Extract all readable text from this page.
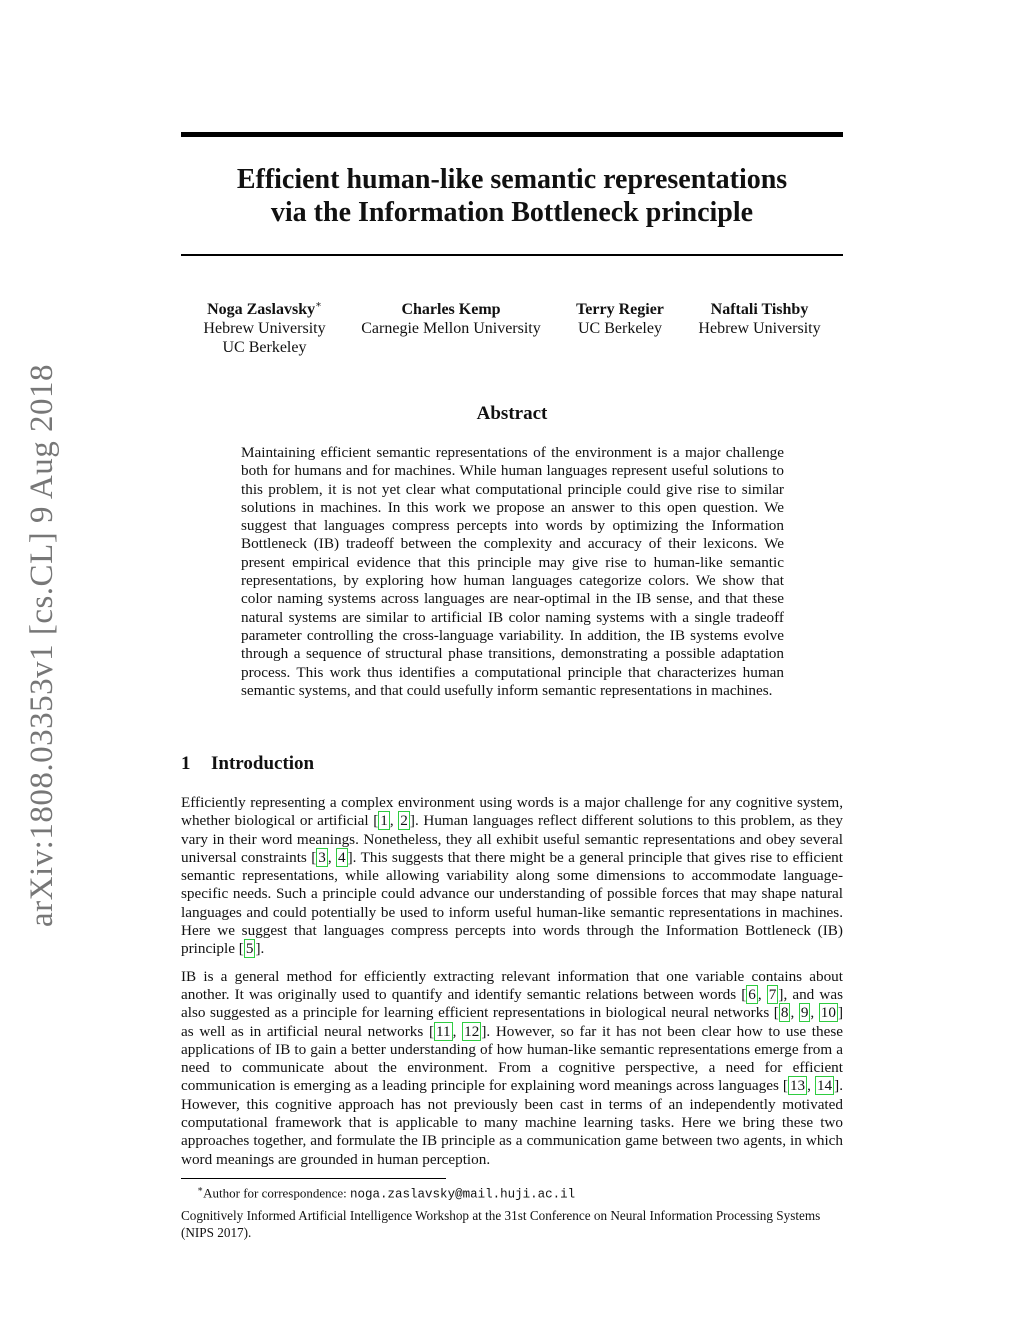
arXiv:1808.03353v1 [cs.CL] 9 Aug 2018
Efficient human-like semantic representations
via the Information Bottleneck principle
Noga Zaslavsky∗
Hebrew University
UC Berkeley
Charles Kemp
Carnegie Mellon University
Terry Regier
UC Berkeley
Naftali Tishby
Hebrew University
Abstract
Maintaining efficient semantic representations of the environment is a major challenge both for humans and for machines. While human languages represent useful solutions to this problem, it is not yet clear what computational principle could give rise to similar solutions in machines. In this work we propose an answer to this open question. We suggest that languages compress percepts into words by optimizing the Information Bottleneck (IB) tradeoff between the complexity and accuracy of their lexicons. We present empirical evidence that this principle may give rise to human-like semantic representations, by exploring how human languages categorize colors. We show that color naming systems across languages are near-optimal in the IB sense, and that these natural systems are similar to artificial IB color naming systems with a single tradeoff parameter controlling the cross-language variability. In addition, the IB systems evolve through a sequence of structural phase transitions, demonstrating a possible adaptation process. This work thus identifies a computational principle that characterizes human semantic systems, and that could usefully inform semantic representations in machines.
1 Introduction

Efficiently representing a complex environment using words is a major challenge for any cognitive system, whether biological or artificial [ 1 , 2 ]. Human languages reflect different solutions to this problem, as they vary in their word meanings. Nonetheless, they all exhibit useful semantic representations and obey several universal constraints [ 3 , 4 ]. This suggests that there might be a general principle that gives rise to efficient semantic representations, while allowing variability along some dimensions to accommodate language-specific needs. Such a principle could advance our understanding of possible forces that may shape natural languages and could potentially be used to inform useful human-like semantic representations in machines. Here we suggest that languages compress percepts into words through the Information Bottleneck (IB) principle [ 5 ].

IB is a general method for efficiently extracting relevant information that one variable contains about another. It was originally used to quantify and identify semantic relations between words [ 6 , 7 ], and was also suggested as a principle for learning efficient representations in biological neural networks [ 8 , 9 , 10 ] as well as in artificial neural networks [ 11 , 12 ]. However, so far it has not been clear how to use these applications of IB to gain a better understanding of how human-like semantic representations emerge from a need to communicate about the environment. From a cognitive perspective, a need for efficient communication is emerging as a leading principle for explaining word meanings across languages [ 13 , 14 ]. However, this cognitive approach has not previously been cast in terms of an independently motivated computational framework that is applicable to many machine learning tasks. Here we bring these two approaches together, and formulate the IB principle as a communication game between two agents, in which word meanings are grounded in human perception.

∗Author for correspondence: noga.zaslavsky@mail.huji.ac.il
Cognitively Informed Artificial Intelligence Workshop at the 31st Conference on Neural Information Processing Systems (NIPS 2017).
